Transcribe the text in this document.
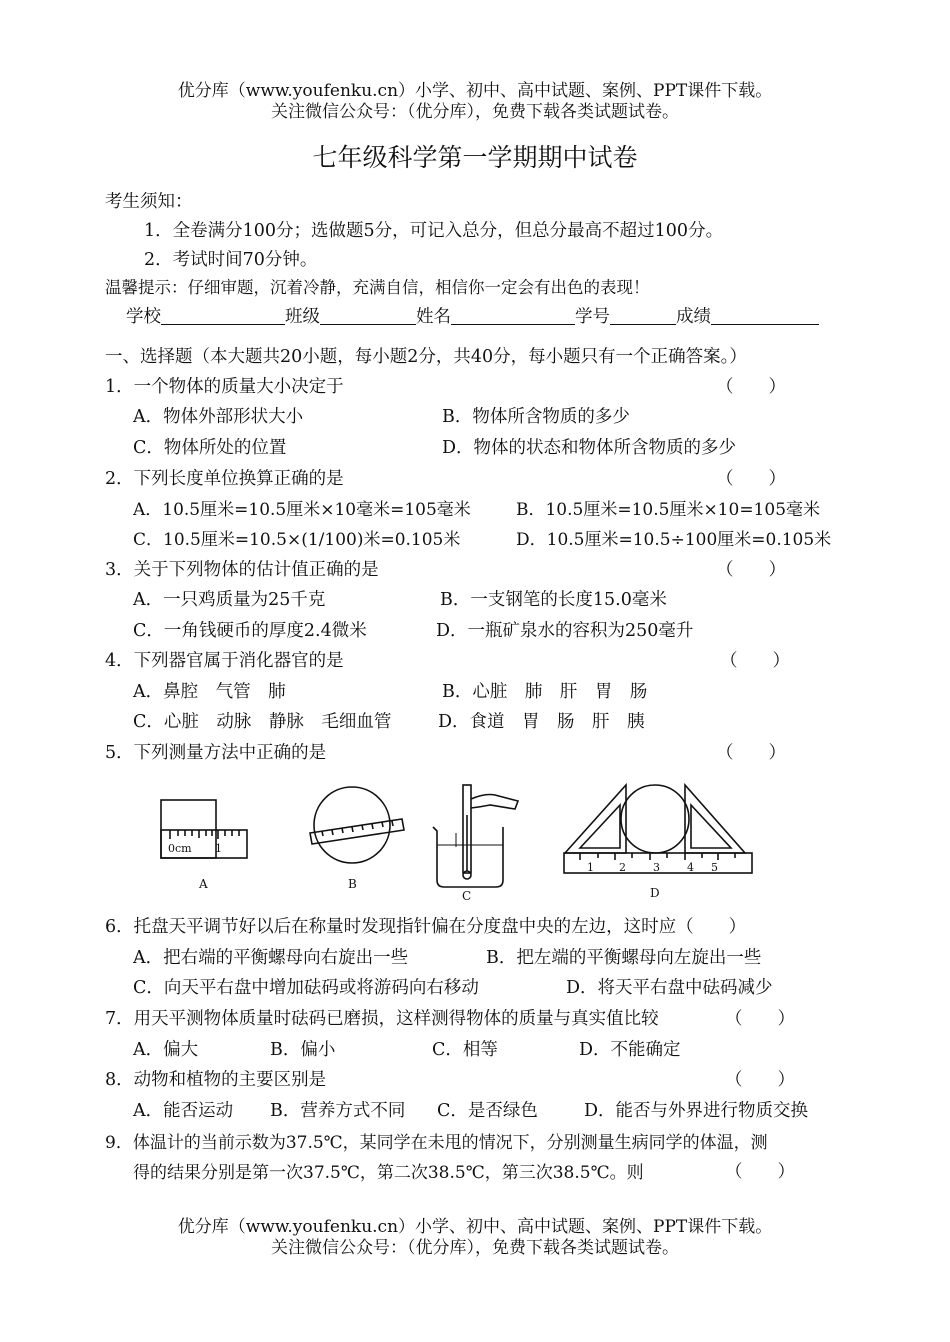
优分库（www.youfenku.cn）小学、初中、高中试题、案例、PPT课件下载。
关注微信公众号：（优分库），免费下载各类试题试卷。
七年级科学第一学期期中试卷
考生须知：
1．全卷满分100分；选做题5分，可记入总分，但总分最高不超过100分。
2．考试时间70分钟。
温馨提示：仔细审题，沉着冷静，充满自信，相信你一定会有出色的表现！
学校	班级	姓名	学号	成绩
一、选择题（本大题共20小题，每小题2分，共40分，每小题只有一个正确答案。）
1．一个物体的质量大小决定于	（　　）
A．物体外部形状大小	B．物体所含物质的多少
C．物体所处的位置	D．物体的状态和物体所含物质的多少
2．下列长度单位换算正确的是	（　　）
A．10.5厘米=10.5厘米×10毫米=105毫米	B．10.5厘米=10.5厘米×10=105毫米
C．10.5厘米=10.5×(1/100)米=0.105米	D．10.5厘米=10.5÷100厘米=0.105米
3．关于下列物体的估计值正确的是	（　　）
A．一只鸡质量为25千克	B．一支钢笔的长度15.0毫米
C．一角钱硬币的厚度2.4微米	D．一瓶矿泉水的容积为250毫升
4．下列器官属于消化器官的是	（　　）
A．鼻腔　气管　肺	B．心脏　肺　肝　胃　肠
C．心脏　动脉　静脉　毛细血管	D．食道　胃　肠　肝　胰
5．下列测量方法中正确的是	（　　）
0cm 1
1 2 3 4 5
A	B
C	D
6．托盘天平调节好以后在称量时发现指针偏在分度盘中央的左边，这时应（　　）
A．把右端的平衡螺母向右旋出一些	B．把左端的平衡螺母向左旋出一些
C．向天平右盘中增加砝码或将游码向右移动	D．将天平右盘中砝码减少
7．用天平测物体质量时砝码已磨损，这样测得物体的质量与真实值比较	（　　）
A．偏大	B．偏小	C．相等	D．不能确定
8．动物和植物的主要区别是	（　　）
A．能否运动 B．营养方式不同 C．是否绿色	D．能否与外界进行物质交换
9．体温计的当前示数为37.5℃，某同学在未甩的情况下，分别测量生病同学的体温，测
得的结果分别是第一次37.5℃，第二次38.5℃，第三次38.5℃。则	（　　）
优分库（www.youfenku.cn）小学、初中、高中试题、案例、PPT课件下载。
关注微信公众号：（优分库），免费下载各类试题试卷。
